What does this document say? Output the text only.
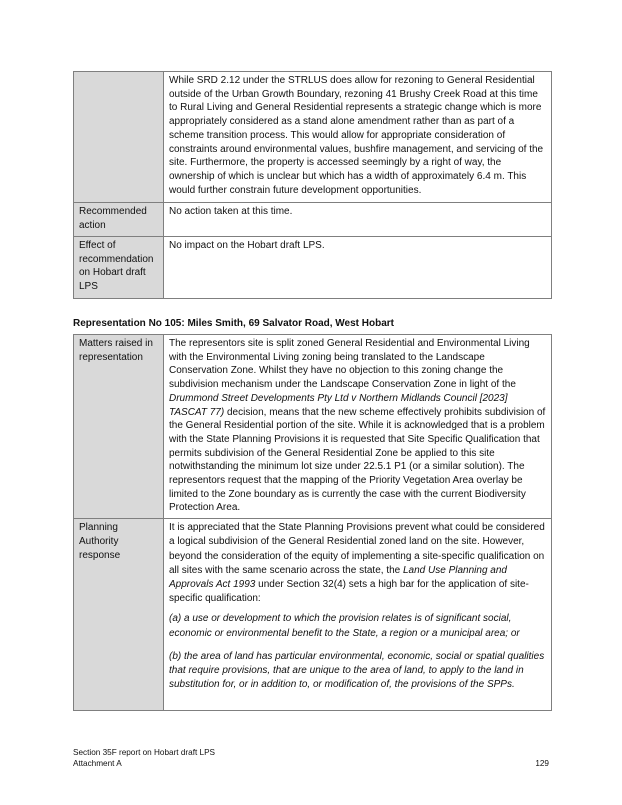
	While SRD 2.12 under the STRLUS does allow for rezoning to General Residential outside of the Urban Growth Boundary, rezoning 41 Brushy Creek Road at this time to Rural Living and General Residential represents a strategic change which is more appropriately considered as a stand alone amendment rather than as part of a scheme transition process. This would allow for appropriate consideration of constraints around environmental values, bushfire management, and servicing of the site. Furthermore, the property is accessed seemingly by a right of way, the ownership of which is unclear but which has a width of approximately 6.4 m. This would further constrain future development opportunities.
Recommended action	No action taken at this time.
Effect of recommendation on Hobart draft LPS	No impact on the Hobart draft LPS.
Representation No 105: Miles Smith, 69 Salvator Road, West Hobart
Matters raised in representation	The representors site is split zoned General Residential and Environmental Living with the Environmental Living zoning being translated to the Landscape Conservation Zone. Whilst they have no objection to this zoning change the subdivision mechanism under the Landscape Conservation Zone in light of the Drummond Street Developments Pty Ltd v Northern Midlands Council [2023] TASCAT 77) decision, means that the new scheme effectively prohibits subdivision of the General Residential portion of the site. While it is acknowledged that is a problem with the State Planning Provisions it is requested that Site Specific Qualification that permits subdivision of the General Residential Zone be applied to this site notwithstanding the minimum lot size under 22.5.1 P1 (or a similar solution). The representors request that the mapping of the Priority Vegetation Area overlay be limited to the Zone boundary as is currently the case with the current Biodiversity Protection Area.
Planning Authority response	It is appreciated that the State Planning Provisions prevent what could be considered a logical subdivision of the General Residential zoned land on the site. However, beyond the consideration of the equity of implementing a site-specific qualification on all sites with the same scenario across the state, the Land Use Planning and Approvals Act 1993 under Section 32(4) sets a high bar for the application of site-specific qualification:

(a) a use or development to which the provision relates is of significant social, economic or environmental benefit to the State, a region or a municipal area; or

(b) the area of land has particular environmental, economic, social or spatial qualities that require provisions, that are unique to the area of land, to apply to the land in substitution for, or in addition to, or modification of, the provisions of the SPPs.

Section 35F report on Hobart draft LPS
Attachment A	129
